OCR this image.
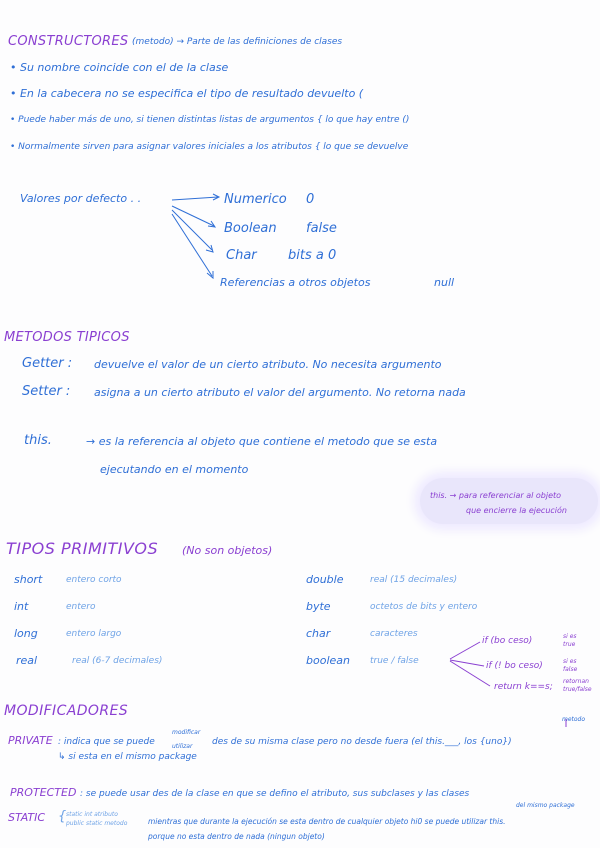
CONSTRUCTORES (metodo) → Parte de las definiciones de clases
• Su nombre coincide con el de la clase
• En la cabecera no se especifica el tipo de resultado devuelto (
• Puede haber más de uno, si tienen distintas listas de argumentos { lo que hay entre ()
• Normalmente sirven para asignar valores iniciales a los atributos { lo que se devuelve
Valores por defecto . .	Numerico 0
Boolean false
Char bits a 0
Referencias a otros objetos	null
METODOS TIPICOS
Getter : devuelve el valor de un cierto atributo. No necesita argumento
Setter : asigna a un cierto atributo el valor del argumento. No retorna nada
this.	→ es la referencia al objeto que contiene el metodo que se esta
ejecutando en el momento
this. → para referenciar al objeto
que encierre la ejecución
TIPOS PRIMITIVOS (No son objetos)
short	entero corto
int	entero
long	entero largo
real	real (6-7 decimales)
double	real (15 decimales)
byte	octetos de bits y entero
char	caracteres
boolean true / false
if (bo ceso)	si es
true
if (! bo ceso)	si es
false
return k==s;
retornan
true/false
MODIFICADORES
metodo
PRIVATE : indica que se puede
modificar
utilizar des de su misma clase pero no desde fuera (el this.___, los {uno})
↳ si esta en el mismo package
PROTECTED : se puede usar des de la clase en que se defino el atributo, sus subclases y las clases
del mismo package
STATIC { static int atributo
public static metodo	mientras que durante la ejecución se esta dentro de cualquier objeto hi0 se puede utilizar this.
porque no esta dentro de nada (ningun objeto)
